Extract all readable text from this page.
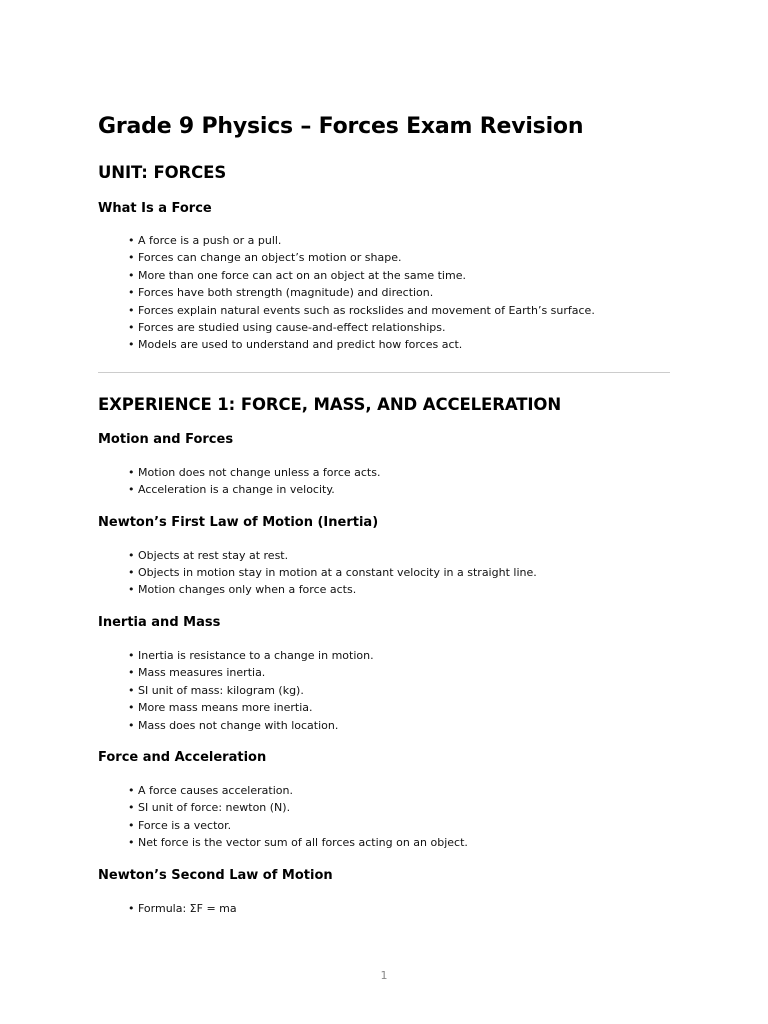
Grade 9 Physics – Forces Exam Revision
UNIT: FORCES
What Is a Force
• A force is a push or a pull.
• Forces can change an object’s motion or shape.
• More than one force can act on an object at the same time.
• Forces have both strength (magnitude) and direction.
• Forces explain natural events such as rockslides and movement of Earth’s surface.
• Forces are studied using cause-and-effect relationships.
• Models are used to understand and predict how forces act.
EXPERIENCE 1: FORCE, MASS, AND ACCELERATION
Motion and Forces
• Motion does not change unless a force acts.
• Acceleration is a change in velocity.
Newton’s First Law of Motion (Inertia)
• Objects at rest stay at rest.
• Objects in motion stay in motion at a constant velocity in a straight line.
• Motion changes only when a force acts.
Inertia and Mass
• Inertia is resistance to a change in motion.
• Mass measures inertia.
• SI unit of mass: kilogram (kg).
• More mass means more inertia.
• Mass does not change with location.
Force and Acceleration
• A force causes acceleration.
• SI unit of force: newton (N).
• Force is a vector.
• Net force is the vector sum of all forces acting on an object.
Newton’s Second Law of Motion
• Formula: ΣF = ma
1
